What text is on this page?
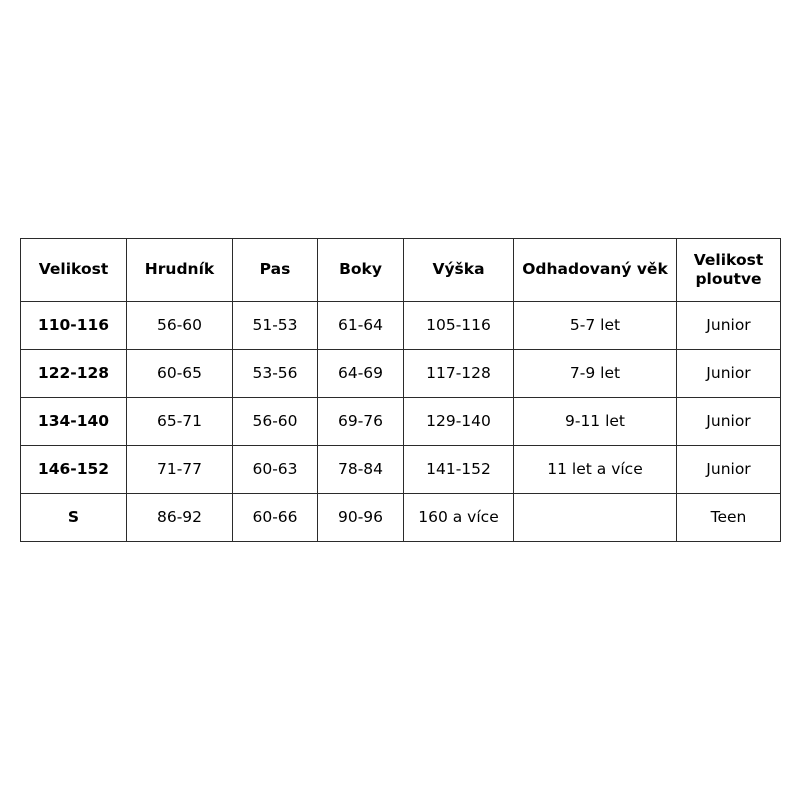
Velikost	Hrudník	Pas	Boky	Výška	Odhadovaný věk	Velikost ploutve

110-116	56-60	51-53	61-64	105-116	5-7 let	Junior

122-128	60-65	53-56	64-69	117-128	7-9 let	Junior

134-140	65-71	56-60	69-76	129-140	9-11 let	Junior

146-152	71-77	60-63	78-84	141-152	11 let a více	Junior

S	86-92	60-66	90-96	160 a více		Teen
